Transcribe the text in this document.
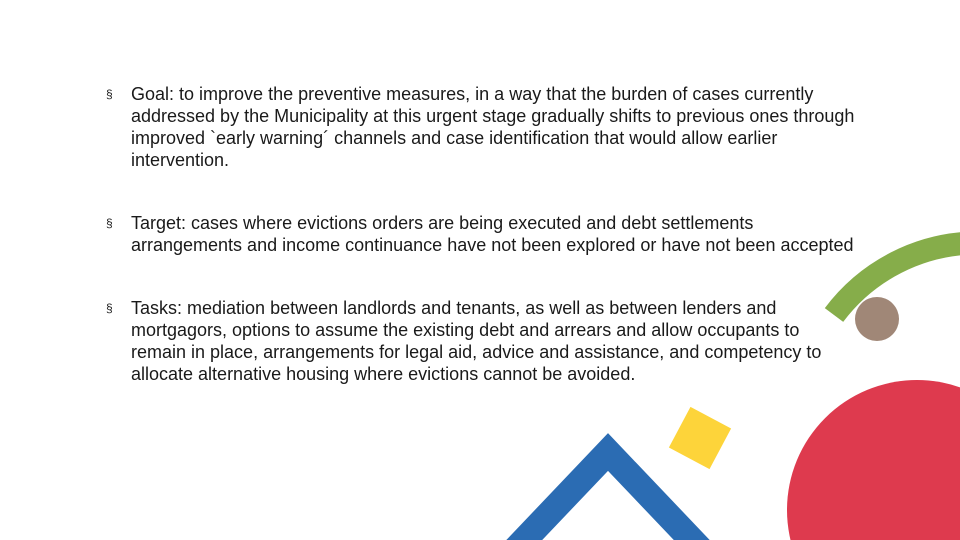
§ Goal: to improve the preventive measures, in a way that the burden of cases currently addressed by the Municipality at this urgent stage gradually shifts to previous ones through improved `early warning´ channels and case identification that would allow earlier intervention.
§ Target: cases where evictions orders are being executed and debt settlements arrangements and income continuance have not been explored or have not been accepted
§ Tasks: mediation between landlords and tenants, as well as between lenders and mortgagors, options to assume the existing debt and arrears and allow occupants to remain in place, arrangements for legal aid, advice and assistance, and competency to allocate alternative housing where evictions cannot be avoided.
